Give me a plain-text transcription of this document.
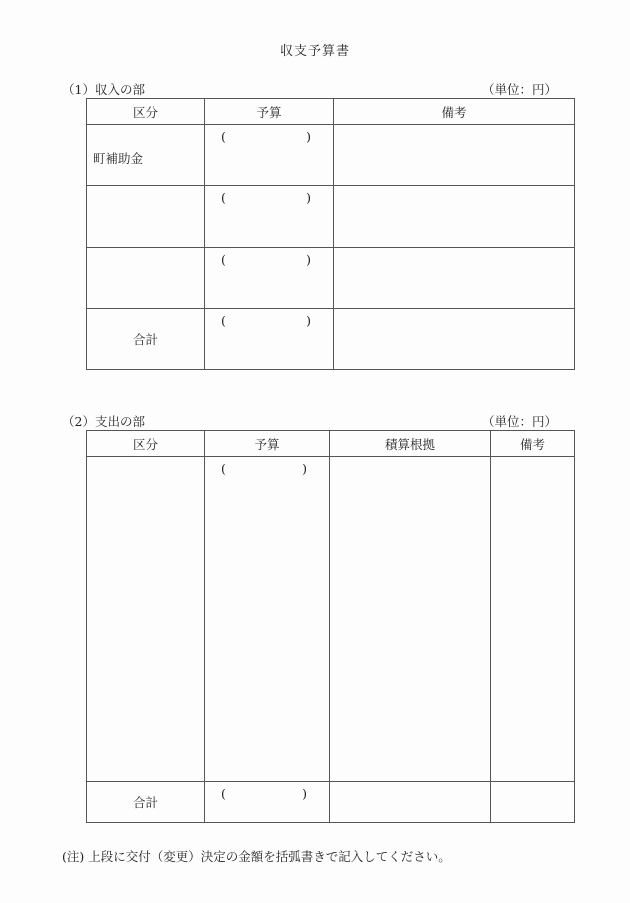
収支予算書
（1）収入の部	（単位：円）
区分	予算	備考
町補助金	( )	

	( )	

	( )	

合計	( )	

（2）支出の部	（単位：円）
区分	予算	積算根拠	備考

	( )		

合計	( )		

(注) 上段に交付（変更）決定の金額を括弧書きで記入してください。
